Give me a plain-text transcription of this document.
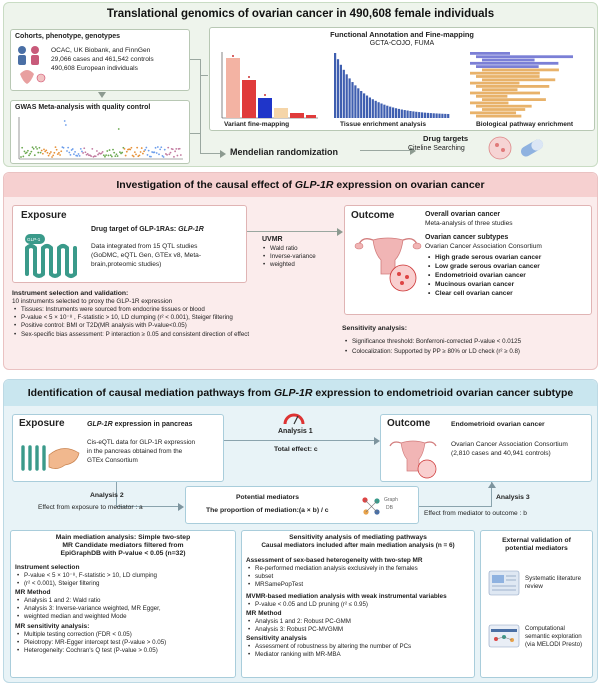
Translational genomics of ovarian cancer in 490,608 female individuals
Cohorts, phenotype, genotypes
OCAC, UK Biobank, and FinnGen
29,066 cases and 461,542 controls
490,608 European individuals
GWAS Meta-analysis with quality control
Functional Annotation and Fine-mapping
GCTA-COJO, FUMA
Variant fine-mapping	Tissue enrichment analysis	Biological pathway enrichment
Mendelian randomization
Drug targets
Citeline Searching
Investigation of the causal effect of GLP-1R expression on ovarian cancer
Exposure
GLP-1
Drug target of GLP-1RAs: GLP-1R
Data integrated from 15 QTL studies
(GoDMC, eQTL Gen, GTEx v8, Meta-
brain,proteomic studies)
UVMR
• Wald ratio
• Inverse-variance
• weighted
Outcome	Overall ovarian cancer
Meta-analysis of three studies
Ovarian cancer subtypes
Ovarian Cancer Association Consortium
• High grade serous ovarian cancer
• Low grade serous ovarian cancer
• Endometrioid ovarian cancer
• Mucinous ovarian cancer
• Clear cell ovarian cancer
Instrument selection and validation:
10 instruments selected to proxy the GLP-1R expression
• Tissues: Instruments were sourced from endocrine tissues or blood
• P-value < 5 × 10⁻⁸ , F-statistic > 10, LD clumping (r² < 0.001), Steiger filtering
• Positive control: BMI or T2D(MR analysis with P-value<0.05)
• Sex-specific bias assessment: P interaction ≥ 0.05 and consistent direction of effect
Sensitivity analysis:
• Significance threshold: Bonferroni-corrected P-value < 0.0125
• Colocalization: Supported by PP ≥ 80% or LD check (r² ≥ 0.8)
Identification of causal mediation pathways from GLP-1R expression to endometrioid ovarian cancer subtype
Exposure	GLP-1R expression in pancreas
Cis-eQTL data for GLP-1R expression
in the pancreas obtained from the
GTEx Consortium
Analysis 1
Total effect: c
Outcome	Endometrioid ovarian cancer
Ovarian Cancer Association Consortium
(2,810 cases and 40,941 controls)
Analysis 2
Effect from exposure to mediator : a
Potential mediators
The proportion of mediation:(a × b) / c
Graph
DB
Analysis 3
Effect from mediator to outcome : b
Main mediation analysis: Simple two-step
MR Candidate mediators filtered from
EpiGraphDB with P-value < 0.05 (n=32)
Instrument selection
• P-value < 5 × 10⁻⁸, F-statistic > 10, LD clumping
• (r² < 0.001), Steiger filtering
MR Method
• Analysis 1 and 2: Wald ratio
• Analysis 3: Inverse-variance weighted, MR Egger,
• weighted median and weighted Mode
MR sensitivity analysis:
• Multiple testing correction (FDR < 0.05)
• Pleiotropy: MR-Egger intercept test (P-value > 0.05)
• Heterogeneity: Cochran's Q test (P-value > 0.05)
Sensitivity analysis of mediating pathways
Causal mediators included after main mediation analysis (n = 6)
Assessment of sex-based heterogeneity with two-step MR
• Re-performed mediation analysis exclusively in the females
• subset
• MRSamePopTest
MVMR-based mediation analysis with weak instrumental variables
• P-value < 0.05 and LD pruning (r² ≤ 0.95)
MR Method
• Analysis 1 and 2: Robust PC-GMM
• Analysis 3: Robust PC-MVGMM
Sensitivity analysis
• Assessment of robustness by altering the number of PCs
• Mediator ranking with MR-MBA
External validation of
potential mediators
Systematic literature
review
Computational
semantic exploration
(via MELODI Presto)
